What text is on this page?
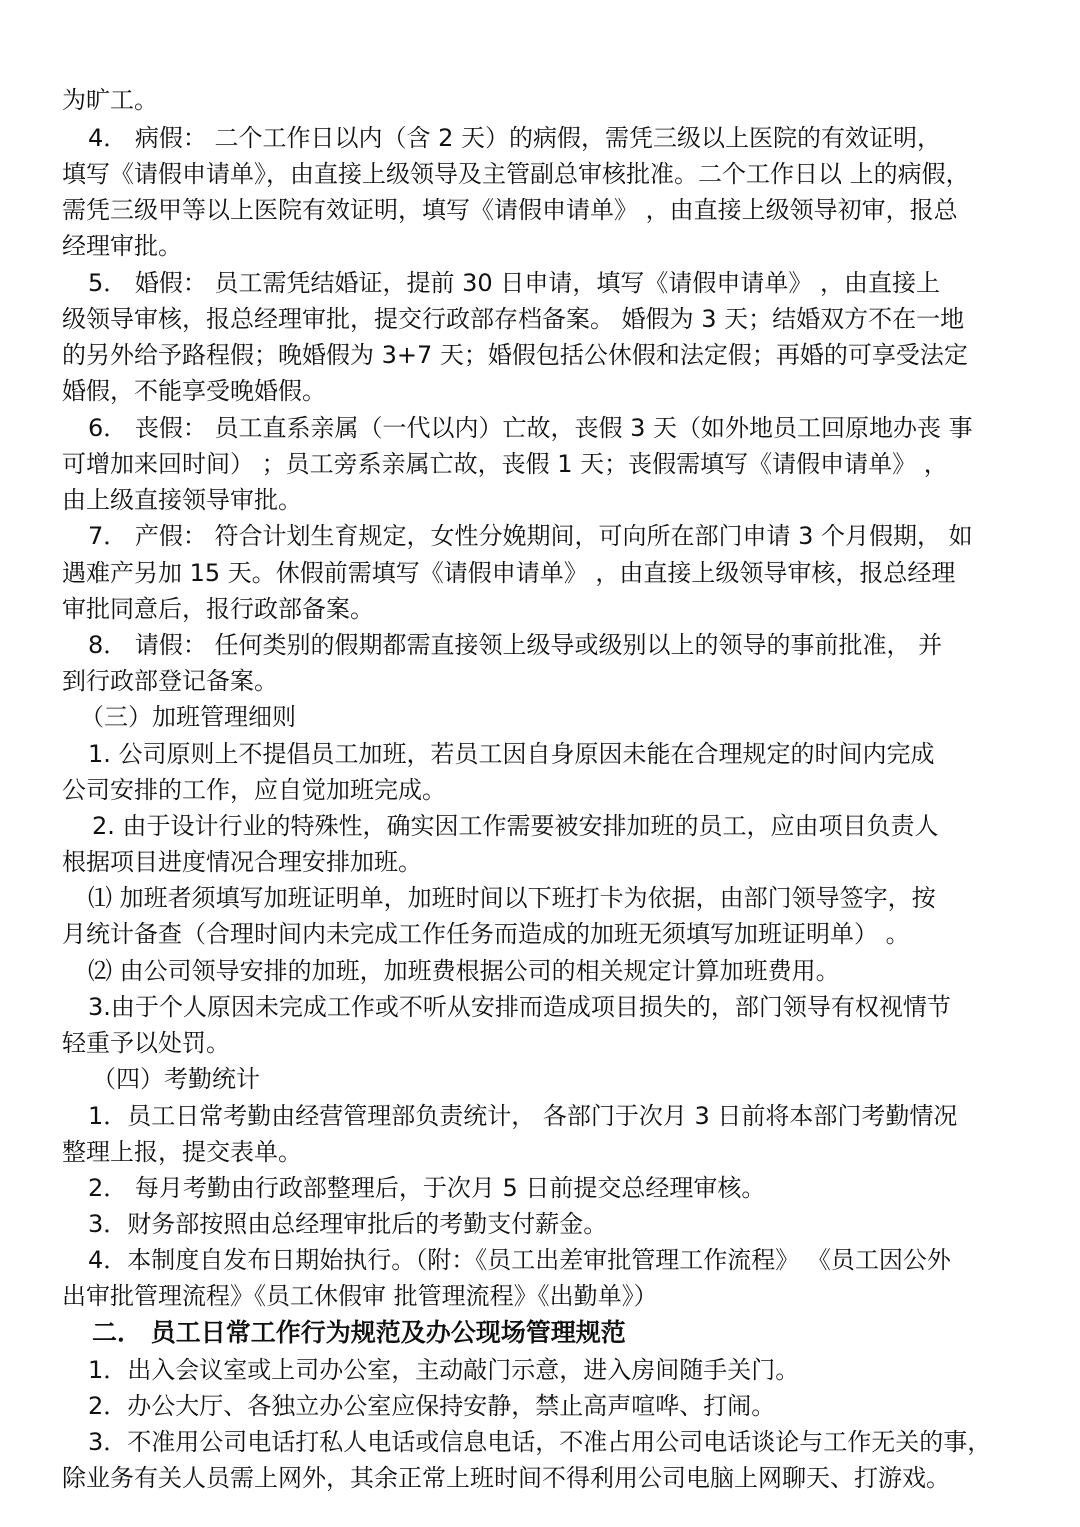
为旷工。
4． 病假： 二个工作日以内（含 2 天）的病假，需凭三级以上医院的有效证明，
填写《请假申请单》，由直接上级领导及主管副总审核批准。二个工作日以 上的病假，
需凭三级甲等以上医院有效证明，填写《请假申请单》 ，由直接上级领导初审，报总
经理审批。
5． 婚假： 员工需凭结婚证，提前 30 日申请，填写《请假申请单》 ，由直接上
级领导审核，报总经理审批，提交行政部存档备案。 婚假为 3 天；结婚双方不在一地
的另外给予路程假；晚婚假为 3+7 天；婚假包括公休假和法定假；再婚的可享受法定
婚假，不能享受晚婚假。
6． 丧假： 员工直系亲属（一代以内）亡故，丧假 3 天（如外地员工回原地办丧 事
可增加来回时间） ；员工旁系亲属亡故，丧假 1 天；丧假需填写《请假申请单》 ，
由上级直接领导审批。
7． 产假： 符合计划生育规定，女性分娩期间，可向所在部门申请 3 个月假期， 如
遇难产另加 15 天。休假前需填写《请假申请单》 ，由直接上级领导审核，报总经理
审批同意后，报行政部备案。
8． 请假： 任何类别的假期都需直接领上级导或级别以上的领导的事前批准， 并
到行政部登记备案。
（三）加班管理细则
1. 公司原则上不提倡员工加班，若员工因自身原因未能在合理规定的时间内完成
公司安排的工作，应自觉加班完成。
2. 由于设计行业的特殊性，确实因工作需要被安排加班的员工，应由项目负责人
根据项目进度情况合理安排加班。
⑴ 加班者须填写加班证明单，加班时间以下班打卡为依据，由部门领导签字，按
月统计备查（合理时间内未完成工作任务而造成的加班无须填写加班证明单） 。
⑵ 由公司领导安排的加班，加班费根据公司的相关规定计算加班费用。
3.由于个人原因未完成工作或不听从安排而造成项目损失的，部门领导有权视情节
轻重予以处罚。
（四）考勤统计
1．员工日常考勤由经营管理部负责统计， 各部门于次月 3 日前将本部门考勤情况
整理上报，提交表单。
2． 每月考勤由行政部整理后，于次月 5 日前提交总经理审核。
3．财务部按照由总经理审批后的考勤支付薪金。
4．本制度自发布日期始执行。（附：《员工出差审批管理工作流程》 《员工因公外
出审批管理流程》《员工休假审 批管理流程》《出勤单》）
二． 员工日常工作行为规范及办公现场管理规范
1．出入会议室或上司办公室，主动敲门示意，进入房间随手关门。
2．办公大厅、各独立办公室应保持安静，禁止高声喧哗、打闹。
3．不准用公司电话打私人电话或信息电话，不准占用公司电话谈论与工作无关的事，
除业务有关人员需上网外，其余正常上班时间不得利用公司电脑上网聊天、打游戏。
